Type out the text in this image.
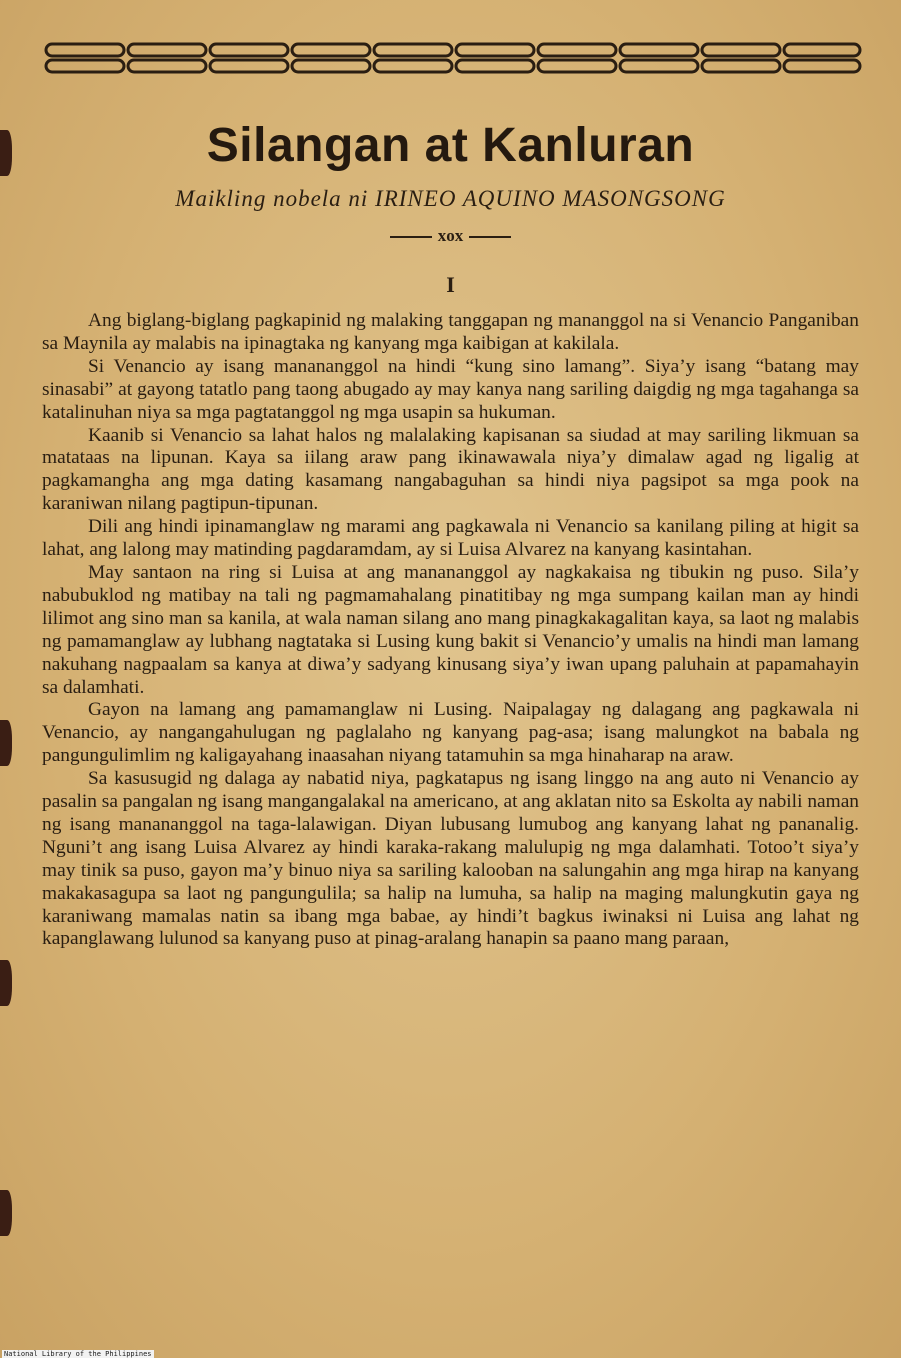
Silangan at Kanluran
Maikling nobela ni IRINEO AQUINO MASONGSONG
xox
I

Ang biglang-biglang pagkapinid ng malaking tanggapan ng mananggol na si Venancio Panganiban sa Maynila ay malabis na ipinagtaka ng kanyang mga kaibigan at kakilala.

Si Venancio ay isang manananggol na hindi “kung sino lamang”. Siya’y isang “batang may sinasabi” at gayong tatatlo pang taong abugado ay may kanya nang sariling daigdig ng mga tagahanga sa katalinuhan niya sa mga pagtatanggol ng mga usapin sa hukuman.

Kaanib si Venancio sa lahat halos ng malalaking kapisanan sa siudad at may sariling likmuan sa matataas na lipunan. Kaya sa iilang araw pang ikinawawala niya’y dimalaw agad ng ligalig at pagkamangha ang mga dating kasamang nangabaguhan sa hindi niya pagsipot sa mga pook na karaniwan nilang pagtipun-tipunan.

Dili ang hindi ipinamanglaw ng marami ang pagkawala ni Venancio sa kanilang piling at higit sa lahat, ang lalong may matinding pagdaramdam, ay si Luisa Alvarez na kanyang kasintahan.

May santaon na ring si Luisa at ang manananggol ay nagkakaisa ng tibukin ng puso. Sila’y nabubuklod ng matibay na tali ng pagmamahalang pinatitibay ng mga sumpang kailan man ay hindi lilimot ang sino man sa kanila, at wala naman silang ano mang pinagkakagalitan kaya, sa laot ng malabis ng pamamanglaw ay lubhang nagtataka si Lusing kung bakit si Venancio’y umalis na hindi man lamang nakuhang nagpaalam sa kanya at diwa’y sadyang kinusang siya’y iwan upang paluhain at papamahayin sa dalamhati.

Gayon na lamang ang pamamanglaw ni Lusing. Naipalagay ng dalagang ang pagkawala ni Venancio, ay nangangahulugan ng paglalaho ng kanyang pag-asa; isang malungkot na babala ng pangungulimlim ng kaligayahang inaasahan niyang tatamuhin sa mga hinaharap na araw.

Sa kasusugid ng dalaga ay nabatid niya, pagkatapus ng isang linggo na ang auto ni Venancio ay pasalin sa pangalan ng isang mangangalakal na americano, at ang aklatan nito sa Eskolta ay nabili naman ng isang manananggol na taga-lalawigan. Diyan lubusang lumubog ang kanyang lahat ng pananalig. Nguni’t ang isang Luisa Alvarez ay hindi karaka-rakang malulupig ng mga dalamhati. Totoo’t siya’y may tinik sa puso, gayon ma’y binuo niya sa sariling kalooban na salungahin ang mga hirap na kanyang makakasagupa sa laot ng pangungulila; sa halip na lumuha, sa halip na maging malungkutin gaya ng karaniwang mamalas natin sa ibang mga babae, ay hindi’t bagkus iwinaksi ni Luisa ang lahat ng kapanglawang lulunod sa kanyang puso at pinag-aralang hanapin sa paano mang paraan,

National Library of the Philippines
